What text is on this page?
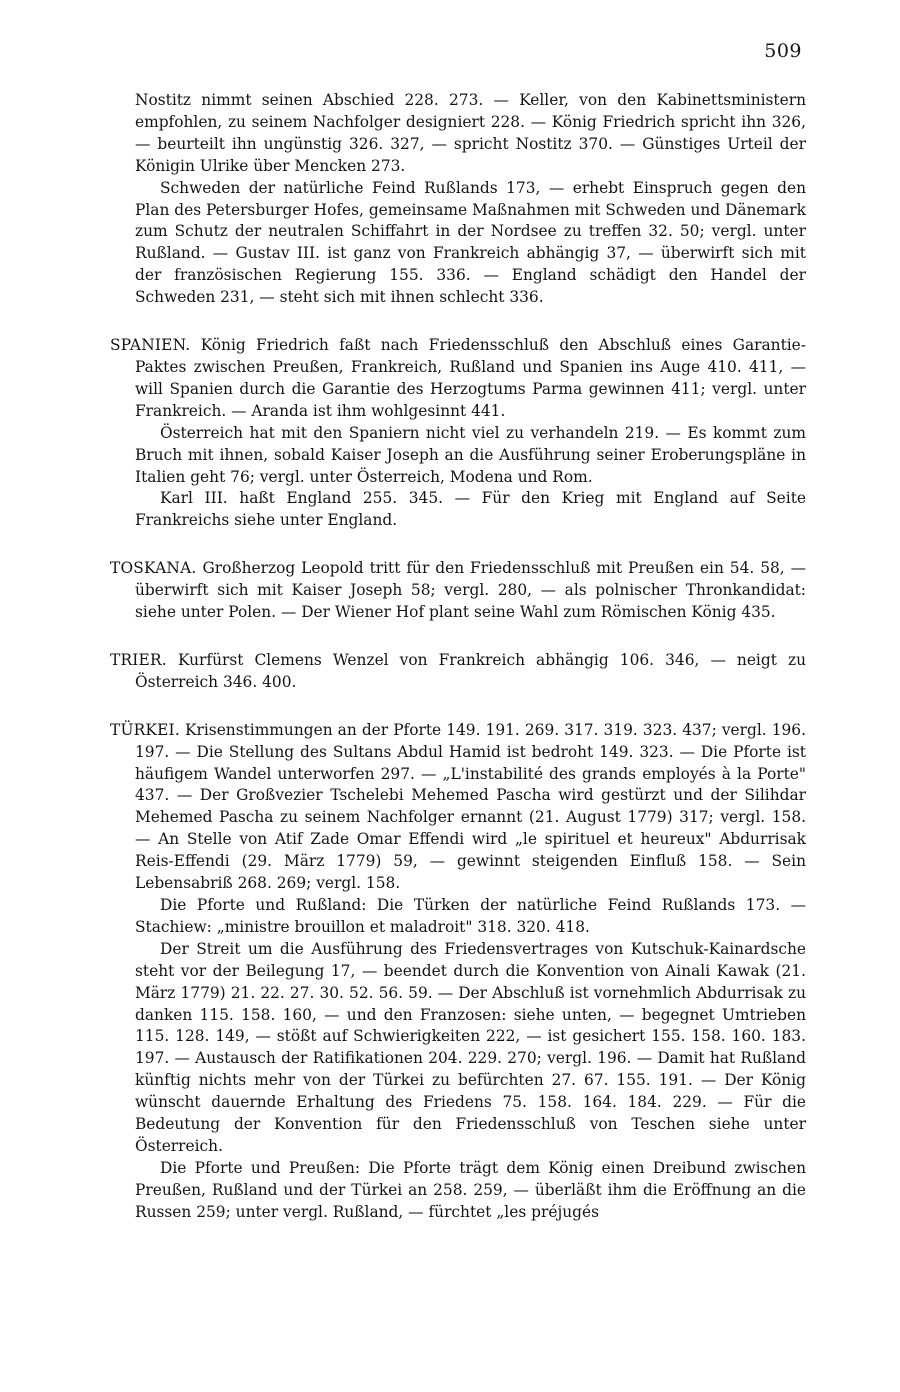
509

Nostitz nimmt seinen Abschied 228. 273. — Keller, von den Kabinettsministern empfohlen, zu seinem Nachfolger designiert 228. — König Friedrich spricht ihn 326, — beurteilt ihn ungünstig 326. 327, — spricht Nostitz 370. — Günstiges Urteil der Königin Ulrike über Mencken 273.

Schweden der natürliche Feind Rußlands 173, — erhebt Einspruch gegen den Plan des Petersburger Hofes, gemeinsame Maßnahmen mit Schweden und Dänemark zum Schutz der neutralen Schiffahrt in der Nordsee zu treffen 32. 50; vergl. unter Rußland. — Gustav III. ist ganz von Frankreich abhängig 37, — überwirft sich mit der französischen Regierung 155. 336. — England schädigt den Handel der Schweden 231, — steht sich mit ihnen schlecht 336.

SPANIEN. König Friedrich faßt nach Friedensschluß den Abschluß eines Garantie-Paktes zwischen Preußen, Frankreich, Rußland und Spanien ins Auge 410. 411, — will Spanien durch die Garantie des Herzogtums Parma gewinnen 411; vergl. unter Frankreich. — Aranda ist ihm wohlgesinnt 441.

Österreich hat mit den Spaniern nicht viel zu verhandeln 219. — Es kommt zum Bruch mit ihnen, sobald Kaiser Joseph an die Ausführung seiner Eroberungspläne in Italien geht 76; vergl. unter Österreich, Modena und Rom.

Karl III. haßt England 255. 345. — Für den Krieg mit England auf Seite Frankreichs siehe unter England.

TOSKANA. Großherzog Leopold tritt für den Friedensschluß mit Preußen ein 54. 58, — überwirft sich mit Kaiser Joseph 58; vergl. 280, — als polnischer Thronkandidat: siehe unter Polen. — Der Wiener Hof plant seine Wahl zum Römischen König 435.

TRIER. Kurfürst Clemens Wenzel von Frankreich abhängig 106. 346, — neigt zu Österreich 346. 400.

TÜRKEI. Krisenstimmungen an der Pforte 149. 191. 269. 317. 319. 323. 437; vergl. 196. 197. — Die Stellung des Sultans Abdul Hamid ist bedroht 149. 323. — Die Pforte ist häufigem Wandel unterworfen 297. — „L'instabilité des grands employés à la Porte" 437. — Der Großvezier Tschelebi Mehemed Pascha wird gestürzt und der Silihdar Mehemed Pascha zu seinem Nachfolger ernannt (21. August 1779) 317; vergl. 158. — An Stelle von Atif Zade Omar Effendi wird „le spirituel et heureux" Abdurrisak Reis-Effendi (29. März 1779) 59, — gewinnt steigenden Einfluß 158. — Sein Lebensabriß 268. 269; vergl. 158.

Die Pforte und Rußland: Die Türken der natürliche Feind Rußlands 173. — Stachiew: „ministre brouillon et maladroit" 318. 320. 418.

Der Streit um die Ausführung des Friedensvertrages von Kutschuk-Kainardsche steht vor der Beilegung 17, — beendet durch die Konvention von Ainali Kawak (21. März 1779) 21. 22. 27. 30. 52. 56. 59. — Der Abschluß ist vornehmlich Abdurrisak zu danken 115. 158. 160, — und den Franzosen: siehe unten, — begegnet Umtrieben 115. 128. 149, — stößt auf Schwierigkeiten 222, — ist gesichert 155. 158. 160. 183. 197. — Austausch der Ratifikationen 204. 229. 270; vergl. 196. — Damit hat Rußland künftig nichts mehr von der Türkei zu befürchten 27. 67. 155. 191. — Der König wünscht dauernde Erhaltung des Friedens 75. 158. 164. 184. 229. — Für die Bedeutung der Konvention für den Friedensschluß von Teschen siehe unter Österreich.

Die Pforte und Preußen: Die Pforte trägt dem König einen Dreibund zwischen Preußen, Rußland und der Türkei an 258. 259, — überläßt ihm die Eröffnung an die Russen 259; unter vergl. Rußland, — fürchtet „les préjugés
